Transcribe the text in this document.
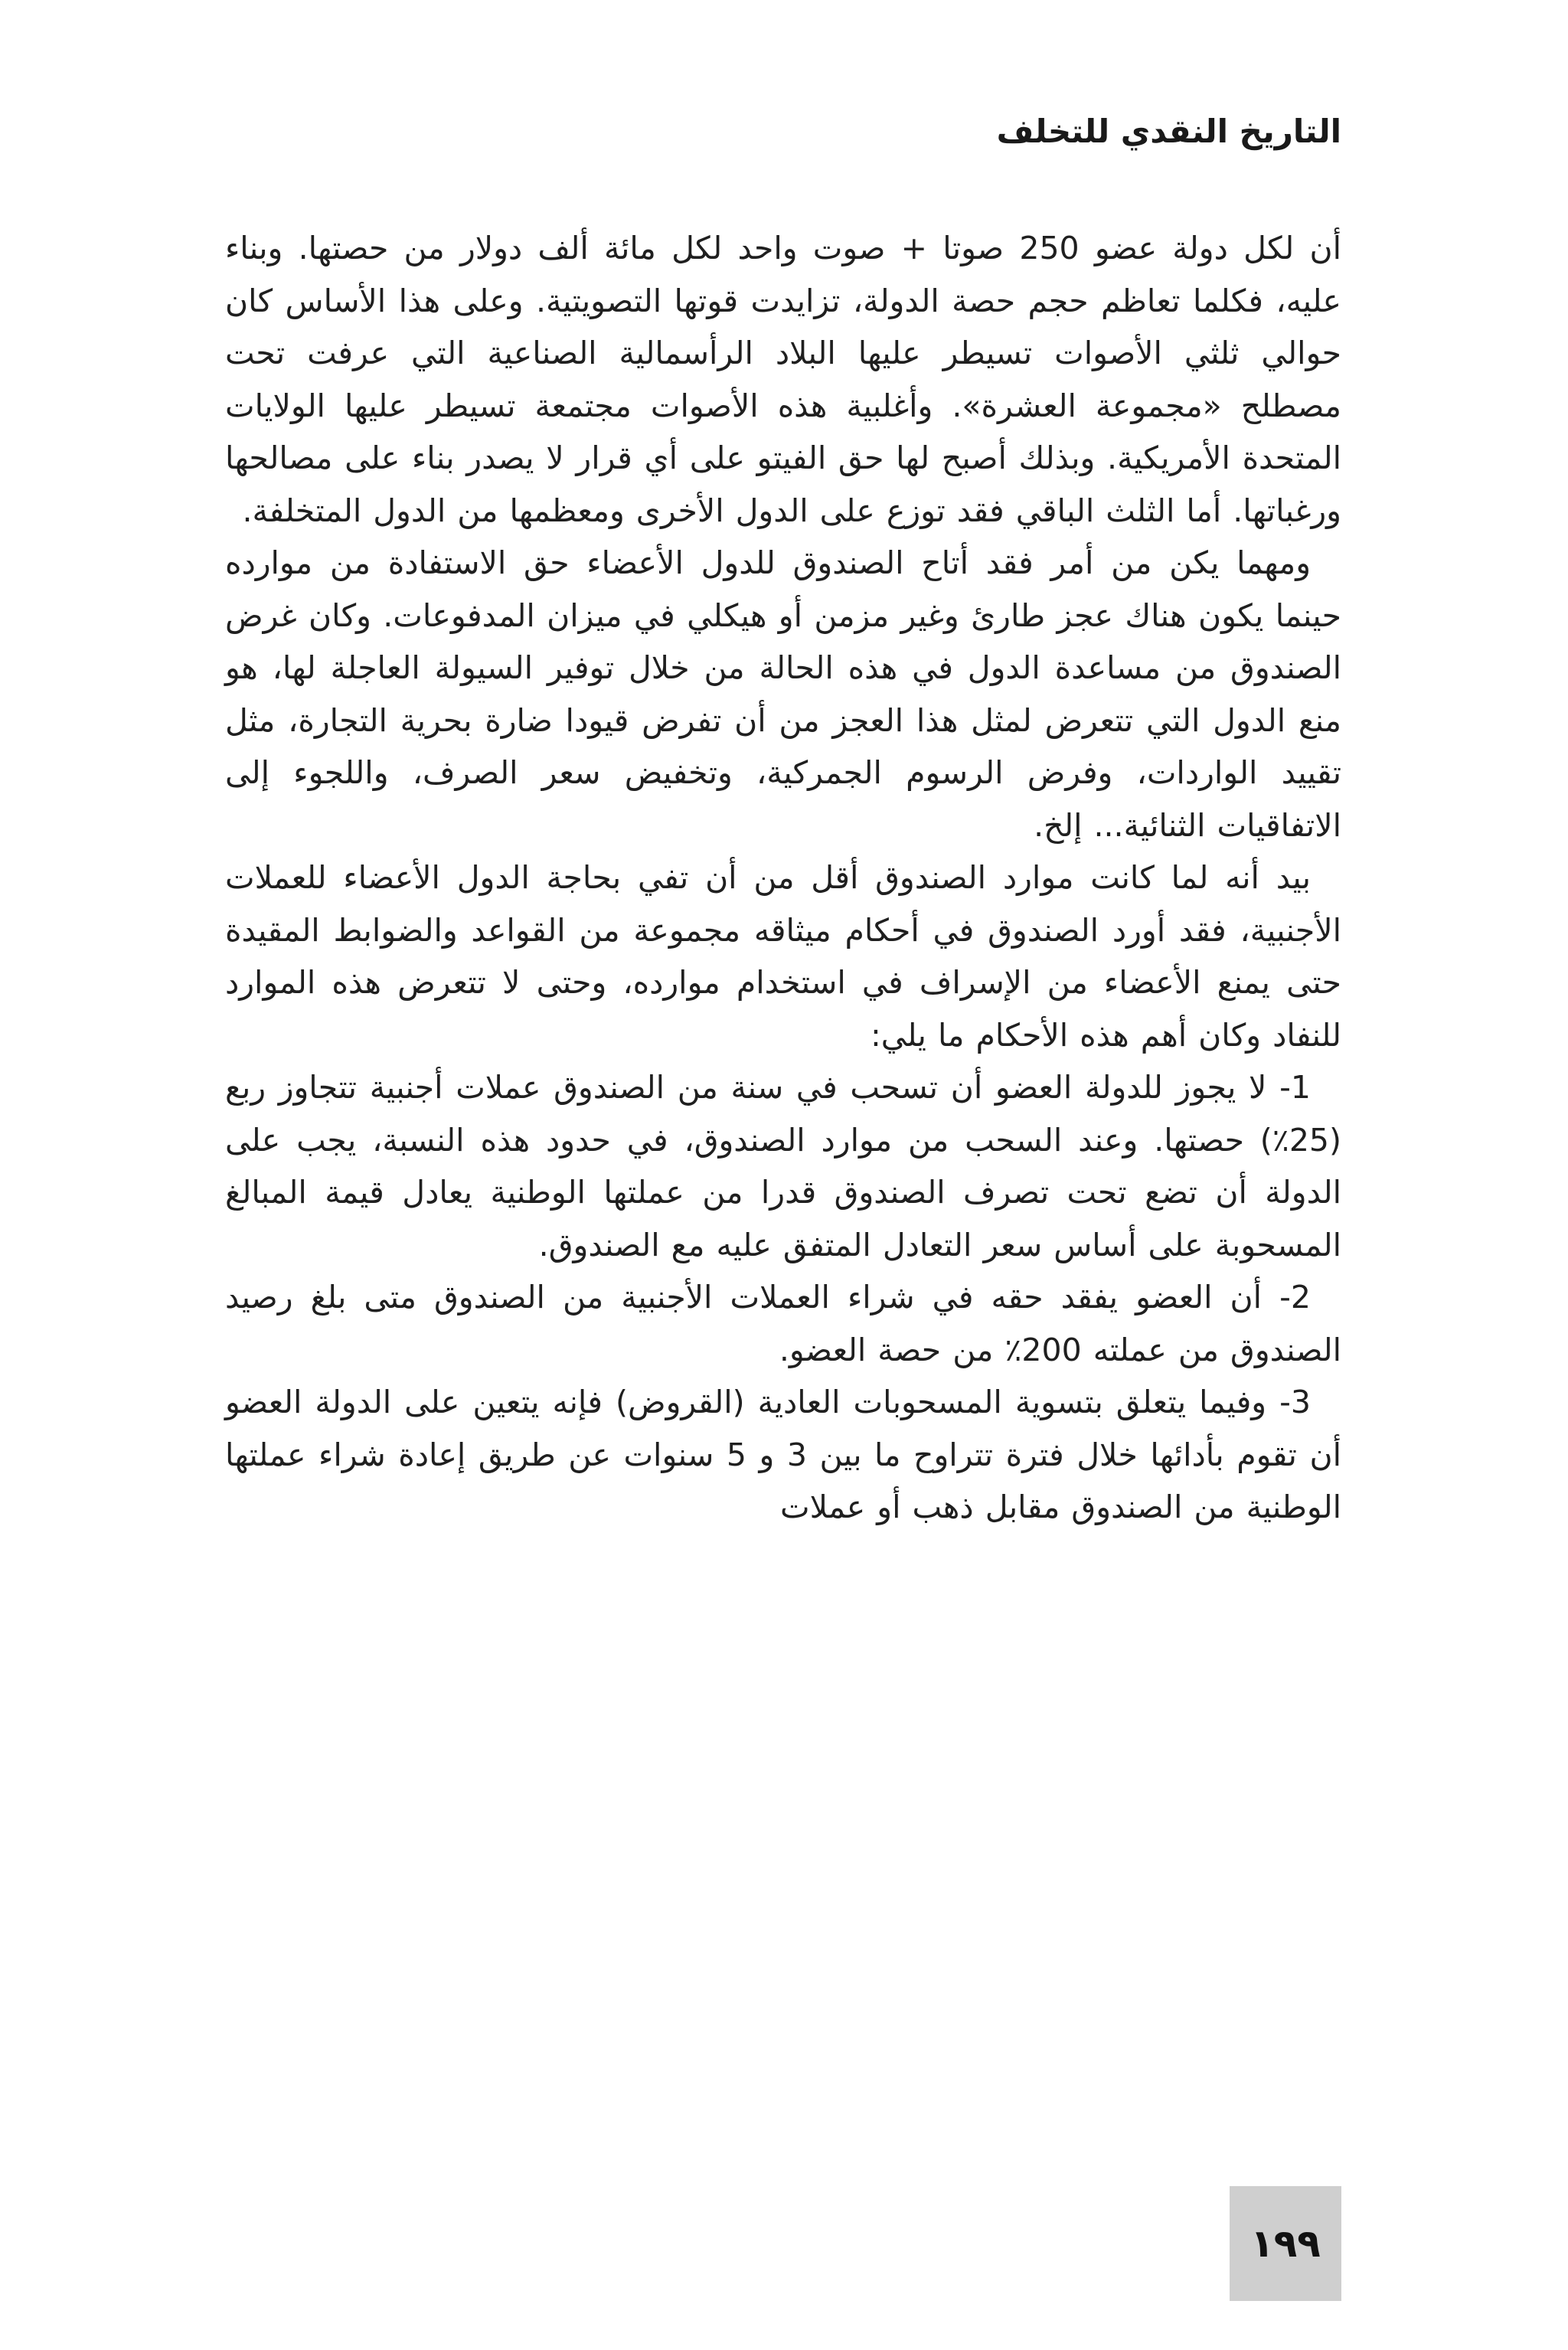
التاريخ النقدي للتخلف

أن لكل دولة عضو 250 صوتا + صوت واحد لكل مائة ألف دولار من حصتها. وبناء عليه، فكلما تعاظم حجم حصة الدولة، تزايدت قوتها التصويتية. وعلى هذا الأساس كان حوالي ثلثي الأصوات تسيطر عليها البلاد الرأسمالية الصناعية التي عرفت تحت مصطلح «مجموعة العشرة». وأغلبية هذه الأصوات مجتمعة تسيطر عليها الولايات المتحدة الأمريكية. وبذلك أصبح لها حق الفيتو على أي قرار لا يصدر بناء على مصالحها ورغباتها. أما الثلث الباقي فقد توزع على الدول الأخرى ومعظمها من الدول المتخلفة.

ومهما يكن من أمر فقد أتاح الصندوق للدول الأعضاء حق الاستفادة من موارده حينما يكون هناك عجز طارئ وغير مزمن أو هيكلي في ميزان المدفوعات. وكان غرض الصندوق من مساعدة الدول في هذه الحالة من خلال توفير السيولة العاجلة لها، هو منع الدول التي تتعرض لمثل هذا العجز من أن تفرض قيودا ضارة بحرية التجارة، مثل تقييد الواردات، وفرض الرسوم الجمركية، وتخفيض سعر الصرف، واللجوء إلى الاتفاقيات الثنائية... إلخ.

بيد أنه لما كانت موارد الصندوق أقل من أن تفي بحاجة الدول الأعضاء للعملات الأجنبية، فقد أورد الصندوق في أحكام ميثاقه مجموعة من القواعد والضوابط المقيدة حتى يمنع الأعضاء من الإسراف في استخدام موارده، وحتى لا تتعرض هذه الموارد للنفاد وكان أهم هذه الأحكام ما يلي:

1- لا يجوز للدولة العضو أن تسحب في سنة من الصندوق عملات أجنبية تتجاوز ربع (25٪) حصتها. وعند السحب من موارد الصندوق، في حدود هذه النسبة، يجب على الدولة أن تضع تحت تصرف الصندوق قدرا من عملتها الوطنية يعادل قيمة المبالغ المسحوبة على أساس سعر التعادل المتفق عليه مع الصندوق.

2- أن العضو يفقد حقه في شراء العملات الأجنبية من الصندوق متى بلغ رصيد الصندوق من عملته 200٪ من حصة العضو.

3- وفيما يتعلق بتسوية المسحوبات العادية (القروض) فإنه يتعين على الدولة العضو أن تقوم بأدائها خلال فترة تتراوح ما بين 3 و 5 سنوات عن طريق إعادة شراء عملتها الوطنية من الصندوق مقابل ذهب أو عملات

١٩٩
